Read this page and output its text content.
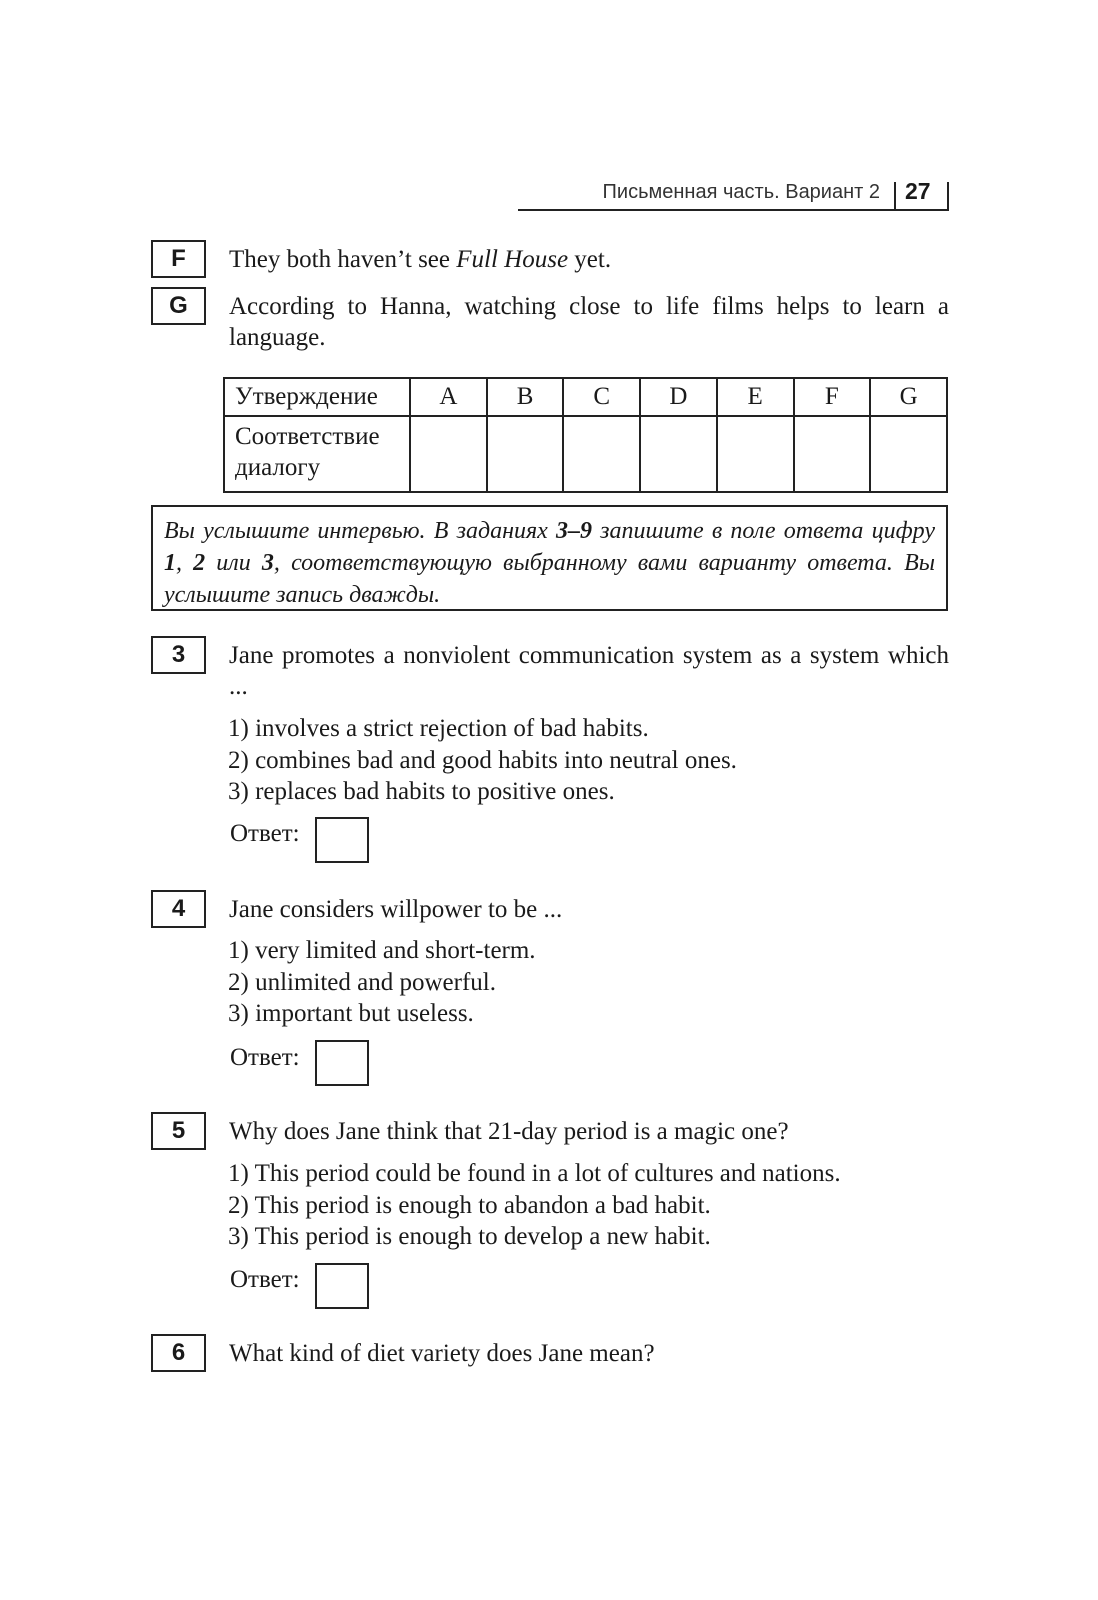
Письменная часть. Вариант 2 27
F	They both haven’t see Full House yet.
G	According to Hanna, watching close to life films helps to learn a language.
Утверждение	A	B	C	D	E	F	G
Соответствие диалогу							
Вы услышите интервью. В заданиях 3–9 запишите в поле ответа цифру 1, 2 или 3, соответствующую выбранному вами варианту ответа. Вы услышите запись дважды.
3	Jane promotes a nonviolent communication system as a system which ...
1) involves a strict rejection of bad habits.
2) combines bad and good habits into neutral ones.
3) replaces bad habits to positive ones.
Ответ:
4	Jane considers willpower to be ...
1) very limited and short-term.
2) unlimited and powerful.
3) important but useless.
Ответ:
5	Why does Jane think that 21-day period is a magic one?
1) This period could be found in a lot of cultures and nations.
2) This period is enough to abandon a bad habit.
3) This period is enough to develop a new habit.
Ответ:
6	What kind of diet variety does Jane mean?
